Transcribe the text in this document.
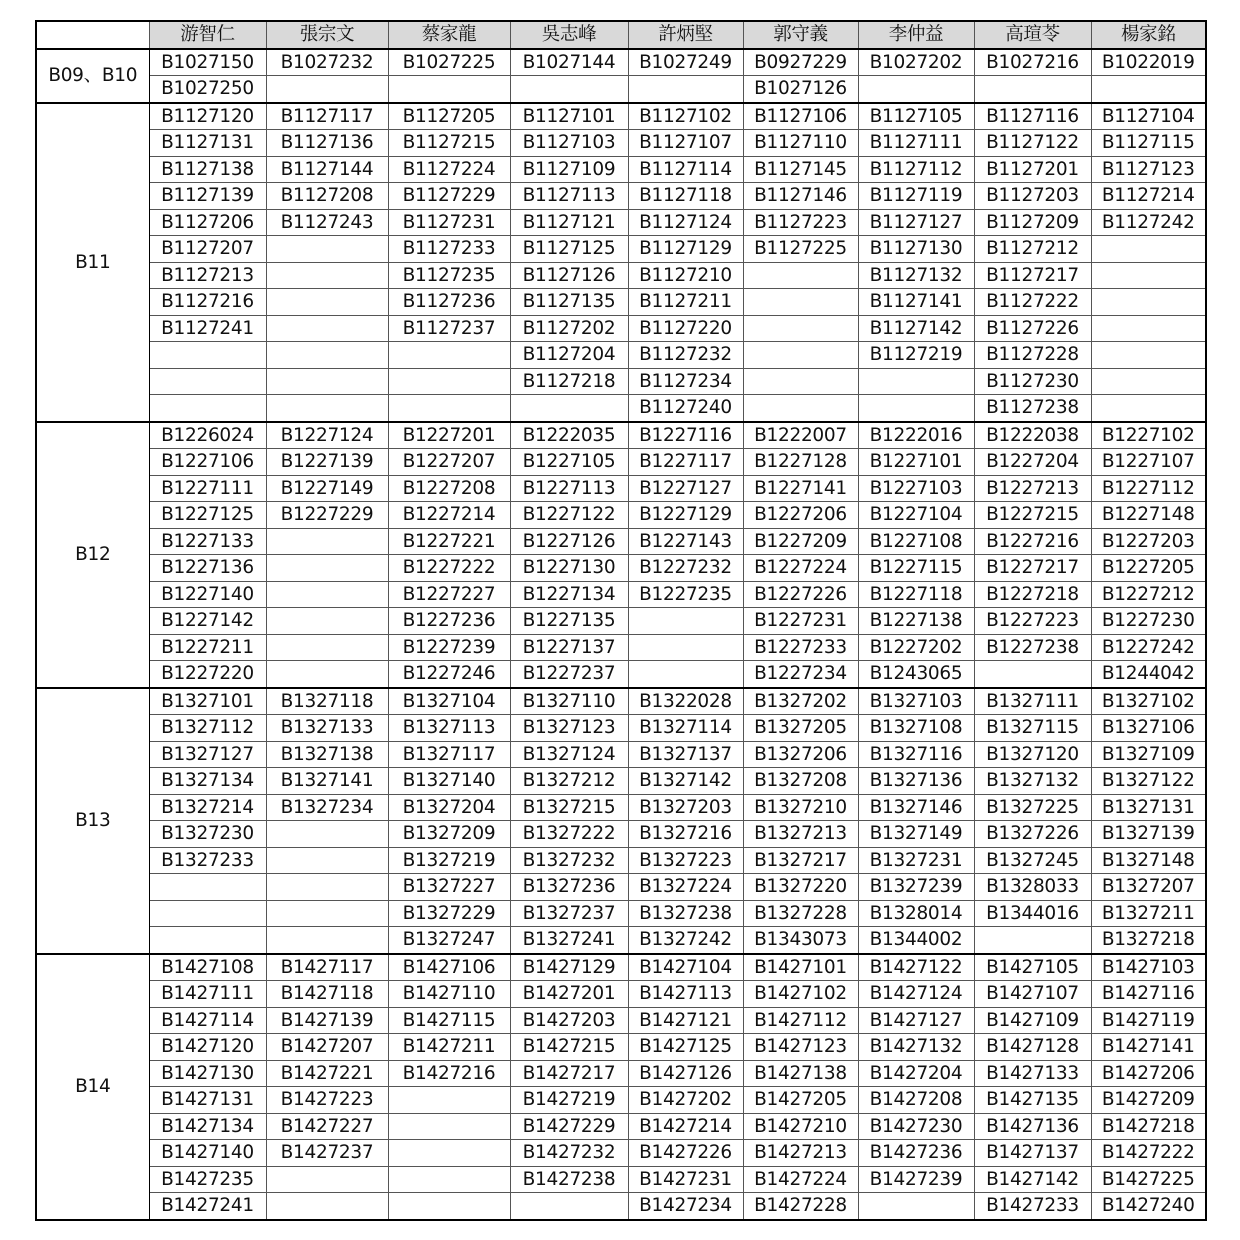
	游智仁	張宗文	蔡家龍	吳志峰	許炳堅	郭守義	李仲益	高瑄苓	楊家銘
B09、B10	B1027150	B1027232	B1027225	B1027144	B1027249	B0927229	B1027202	B1027216	B1022019
	B1027250					B1027126			
B11	B1127120	B1127117	B1127205	B1127101	B1127102	B1127106	B1127105	B1127116	B1127104
	B1127131	B1127136	B1127215	B1127103	B1127107	B1127110	B1127111	B1127122	B1127115
	B1127138	B1127144	B1127224	B1127109	B1127114	B1127145	B1127112	B1127201	B1127123
	B1127139	B1127208	B1127229	B1127113	B1127118	B1127146	B1127119	B1127203	B1127214
	B1127206	B1127243	B1127231	B1127121	B1127124	B1127223	B1127127	B1127209	B1127242
	B1127207		B1127233	B1127125	B1127129	B1127225	B1127130	B1127212	
	B1127213		B1127235	B1127126	B1127210		B1127132	B1127217	
	B1127216		B1127236	B1127135	B1127211		B1127141	B1127222	
	B1127241		B1127237	B1127202	B1127220		B1127142	B1127226	
				B1127204	B1127232		B1127219	B1127228	
				B1127218	B1127234			B1127230	
					B1127240			B1127238	
B12	B1226024	B1227124	B1227201	B1222035	B1227116	B1222007	B1222016	B1222038	B1227102
	B1227106	B1227139	B1227207	B1227105	B1227117	B1227128	B1227101	B1227204	B1227107
	B1227111	B1227149	B1227208	B1227113	B1227127	B1227141	B1227103	B1227213	B1227112
	B1227125	B1227229	B1227214	B1227122	B1227129	B1227206	B1227104	B1227215	B1227148
	B1227133		B1227221	B1227126	B1227143	B1227209	B1227108	B1227216	B1227203
	B1227136		B1227222	B1227130	B1227232	B1227224	B1227115	B1227217	B1227205
	B1227140		B1227227	B1227134	B1227235	B1227226	B1227118	B1227218	B1227212
	B1227142		B1227236	B1227135		B1227231	B1227138	B1227223	B1227230
	B1227211		B1227239	B1227137		B1227233	B1227202	B1227238	B1227242
	B1227220		B1227246	B1227237		B1227234	B1243065		B1244042
B13	B1327101	B1327118	B1327104	B1327110	B1322028	B1327202	B1327103	B1327111	B1327102
	B1327112	B1327133	B1327113	B1327123	B1327114	B1327205	B1327108	B1327115	B1327106
	B1327127	B1327138	B1327117	B1327124	B1327137	B1327206	B1327116	B1327120	B1327109
	B1327134	B1327141	B1327140	B1327212	B1327142	B1327208	B1327136	B1327132	B1327122
	B1327214	B1327234	B1327204	B1327215	B1327203	B1327210	B1327146	B1327225	B1327131
	B1327230		B1327209	B1327222	B1327216	B1327213	B1327149	B1327226	B1327139
	B1327233		B1327219	B1327232	B1327223	B1327217	B1327231	B1327245	B1327148
			B1327227	B1327236	B1327224	B1327220	B1327239	B1328033	B1327207
			B1327229	B1327237	B1327238	B1327228	B1328014	B1344016	B1327211
			B1327247	B1327241	B1327242	B1343073	B1344002		B1327218
B14	B1427108	B1427117	B1427106	B1427129	B1427104	B1427101	B1427122	B1427105	B1427103
	B1427111	B1427118	B1427110	B1427201	B1427113	B1427102	B1427124	B1427107	B1427116
	B1427114	B1427139	B1427115	B1427203	B1427121	B1427112	B1427127	B1427109	B1427119
	B1427120	B1427207	B1427211	B1427215	B1427125	B1427123	B1427132	B1427128	B1427141
	B1427130	B1427221	B1427216	B1427217	B1427126	B1427138	B1427204	B1427133	B1427206
	B1427131	B1427223		B1427219	B1427202	B1427205	B1427208	B1427135	B1427209
	B1427134	B1427227		B1427229	B1427214	B1427210	B1427230	B1427136	B1427218
	B1427140	B1427237		B1427232	B1427226	B1427213	B1427236	B1427137	B1427222
	B1427235			B1427238	B1427231	B1427224	B1427239	B1427142	B1427225
	B1427241				B1427234	B1427228		B1427233	B1427240
